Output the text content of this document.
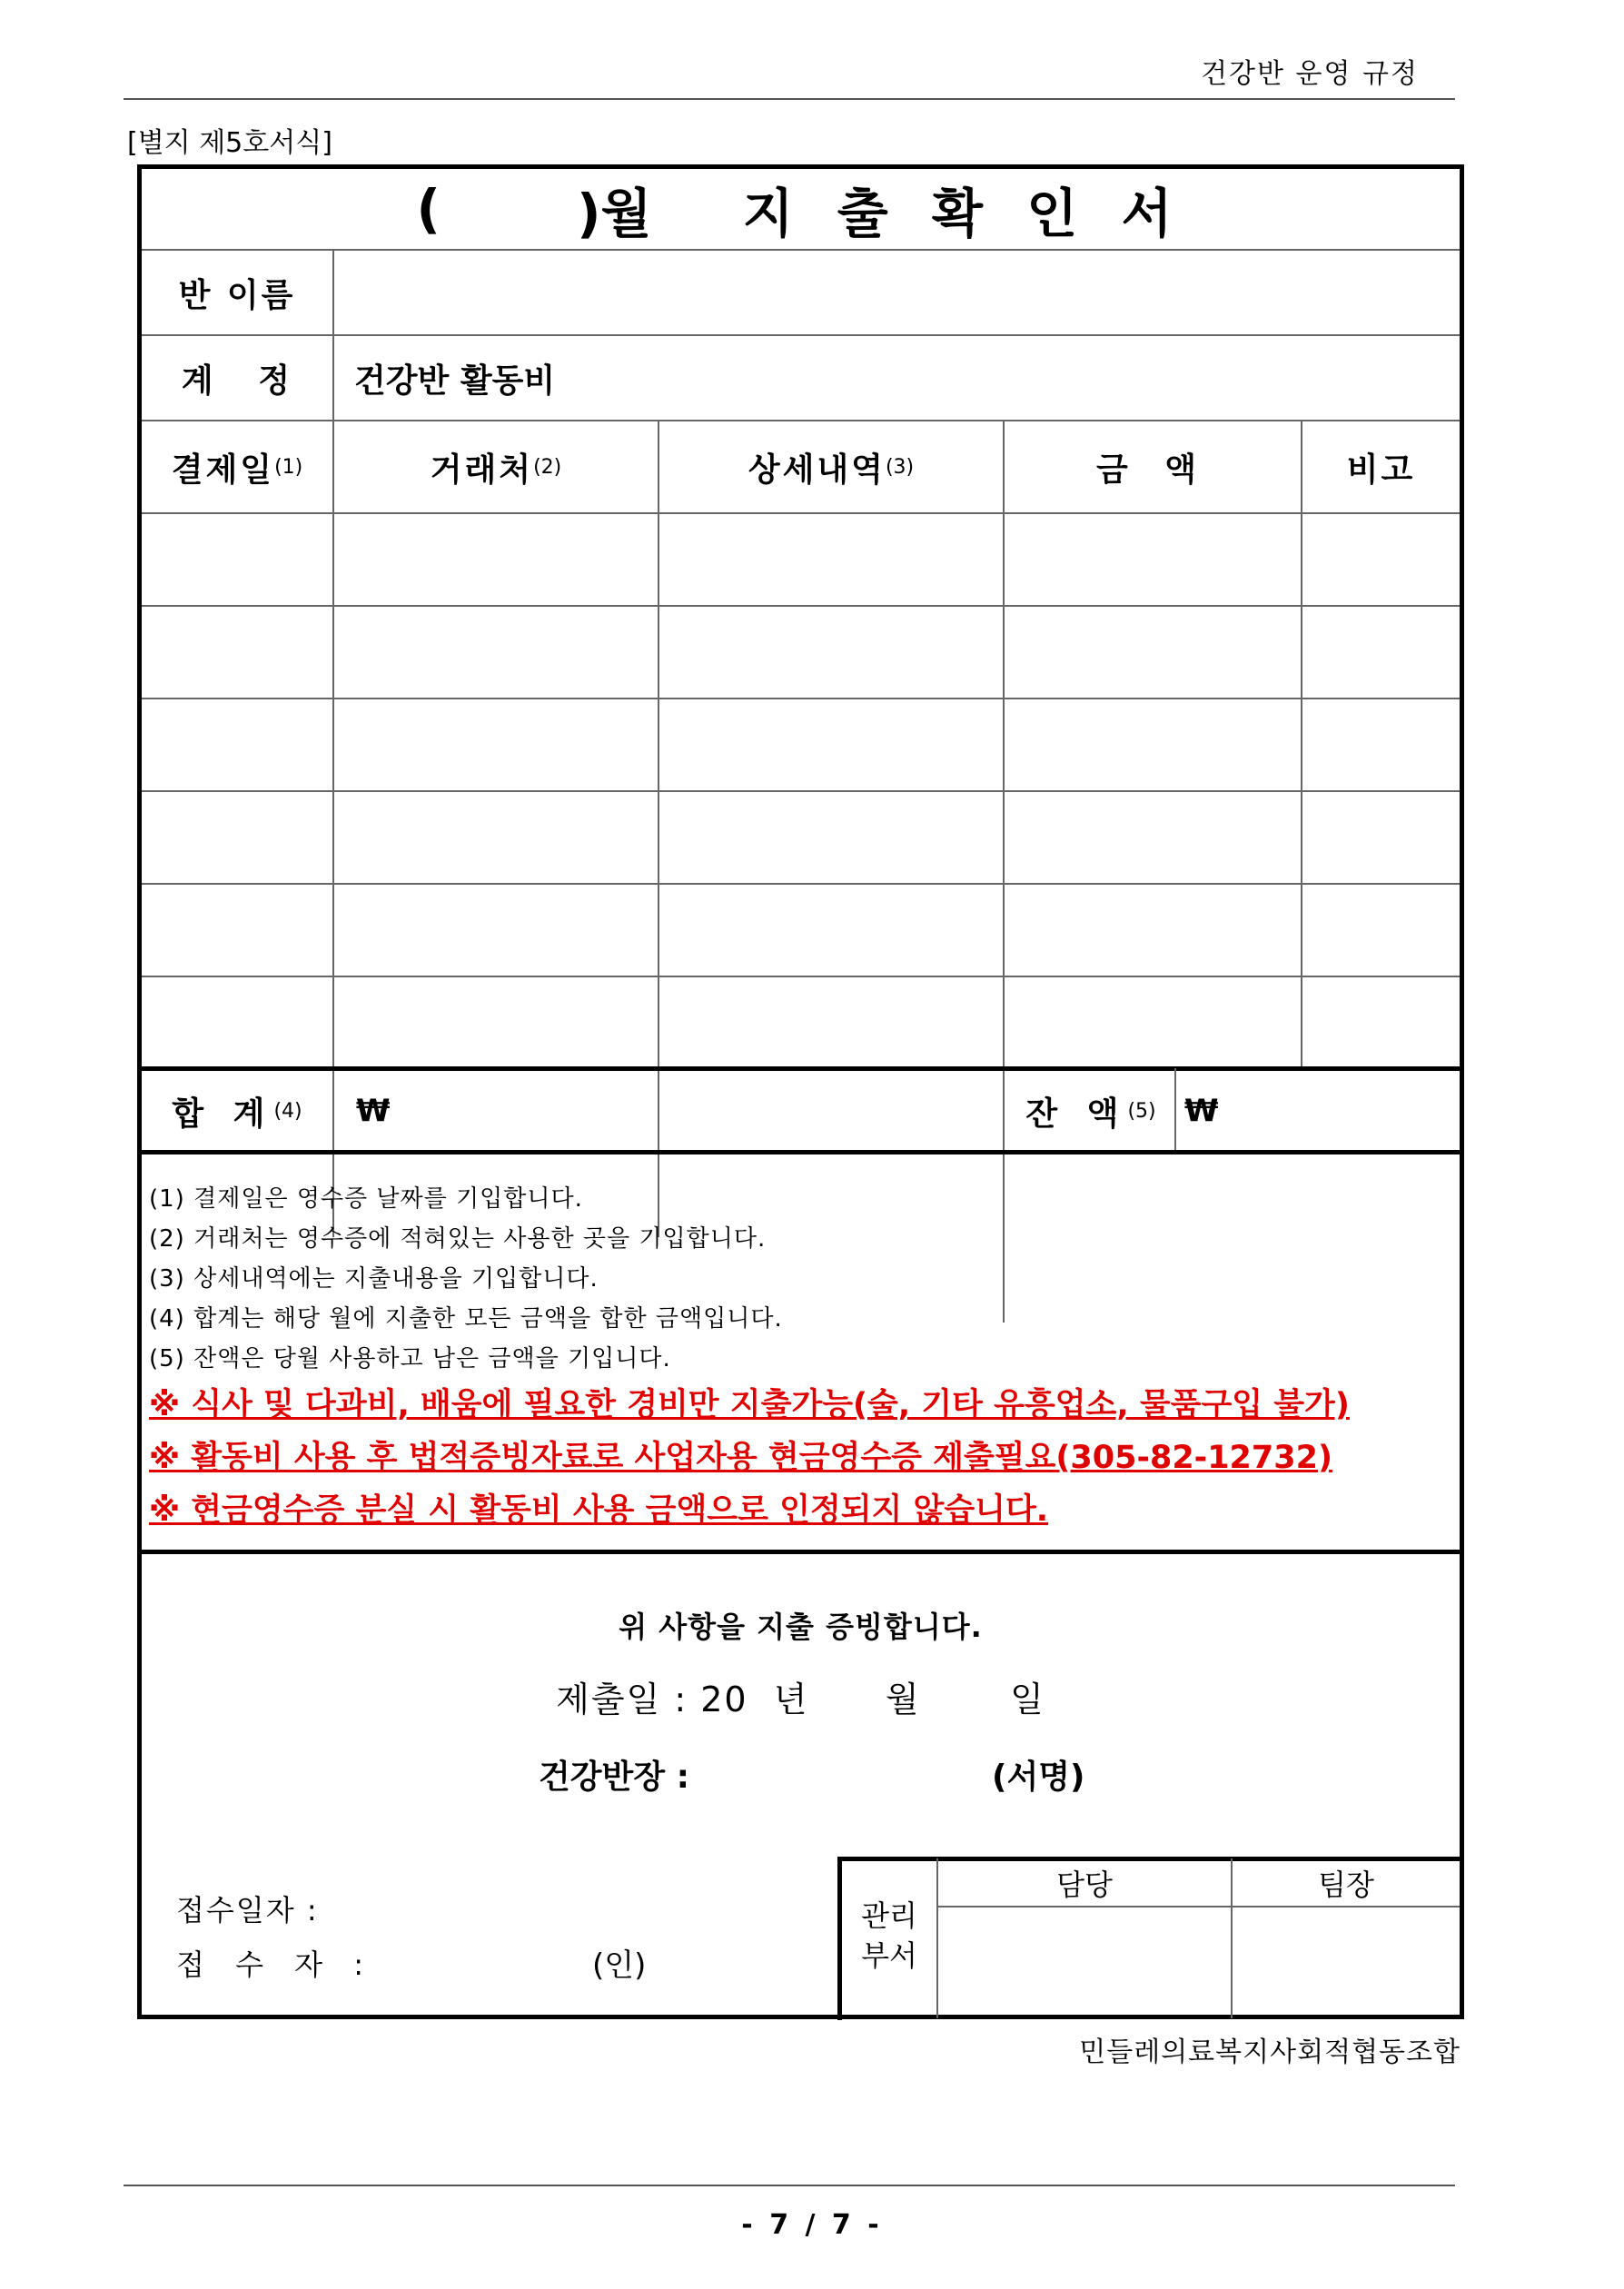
건강반 운영 규정
[별지 제5호서식]
(	)월 지 출 확 인 서
반 이름
계   정	건강반 활동비
결제일 (1)	거래처 (2)	상세내역 (3)	금 액	비고
합 계 (4) ₩	잔 액 (5) ₩
(1) 결제일은 영수증 날짜를 기입합니다.
(2) 거래처는 영수증에 적혀있는 사용한 곳을 기입합니다.
(3) 상세내역에는 지출내용을 기입합니다.
(4) 합계는 해당 월에 지출한 모든 금액을 합한 금액입니다.
(5) 잔액은 당월 사용하고 남은 금액을 기입니다.
※ 식사 및 다과비, 배움에 필요한 경비만 지출가능(술, 기타 유흥업소, 물품구입 불가)
※ 활동비 사용 후 법적증빙자료로 사업자용 현금영수증 제출필요(305-82-12732)
※ 현금영수증 분실 시 활동비 사용 금액으로 인정되지 않습니다.
위 사항을 지출 증빙합니다.
제출일 : 20  년      월       일
건강반장 :	(서명)
접수일자 :
접 수 자 :	(인)
관리
부서
담당	팀장
민들레의료복지사회적협동조합
- 7 / 7 -
